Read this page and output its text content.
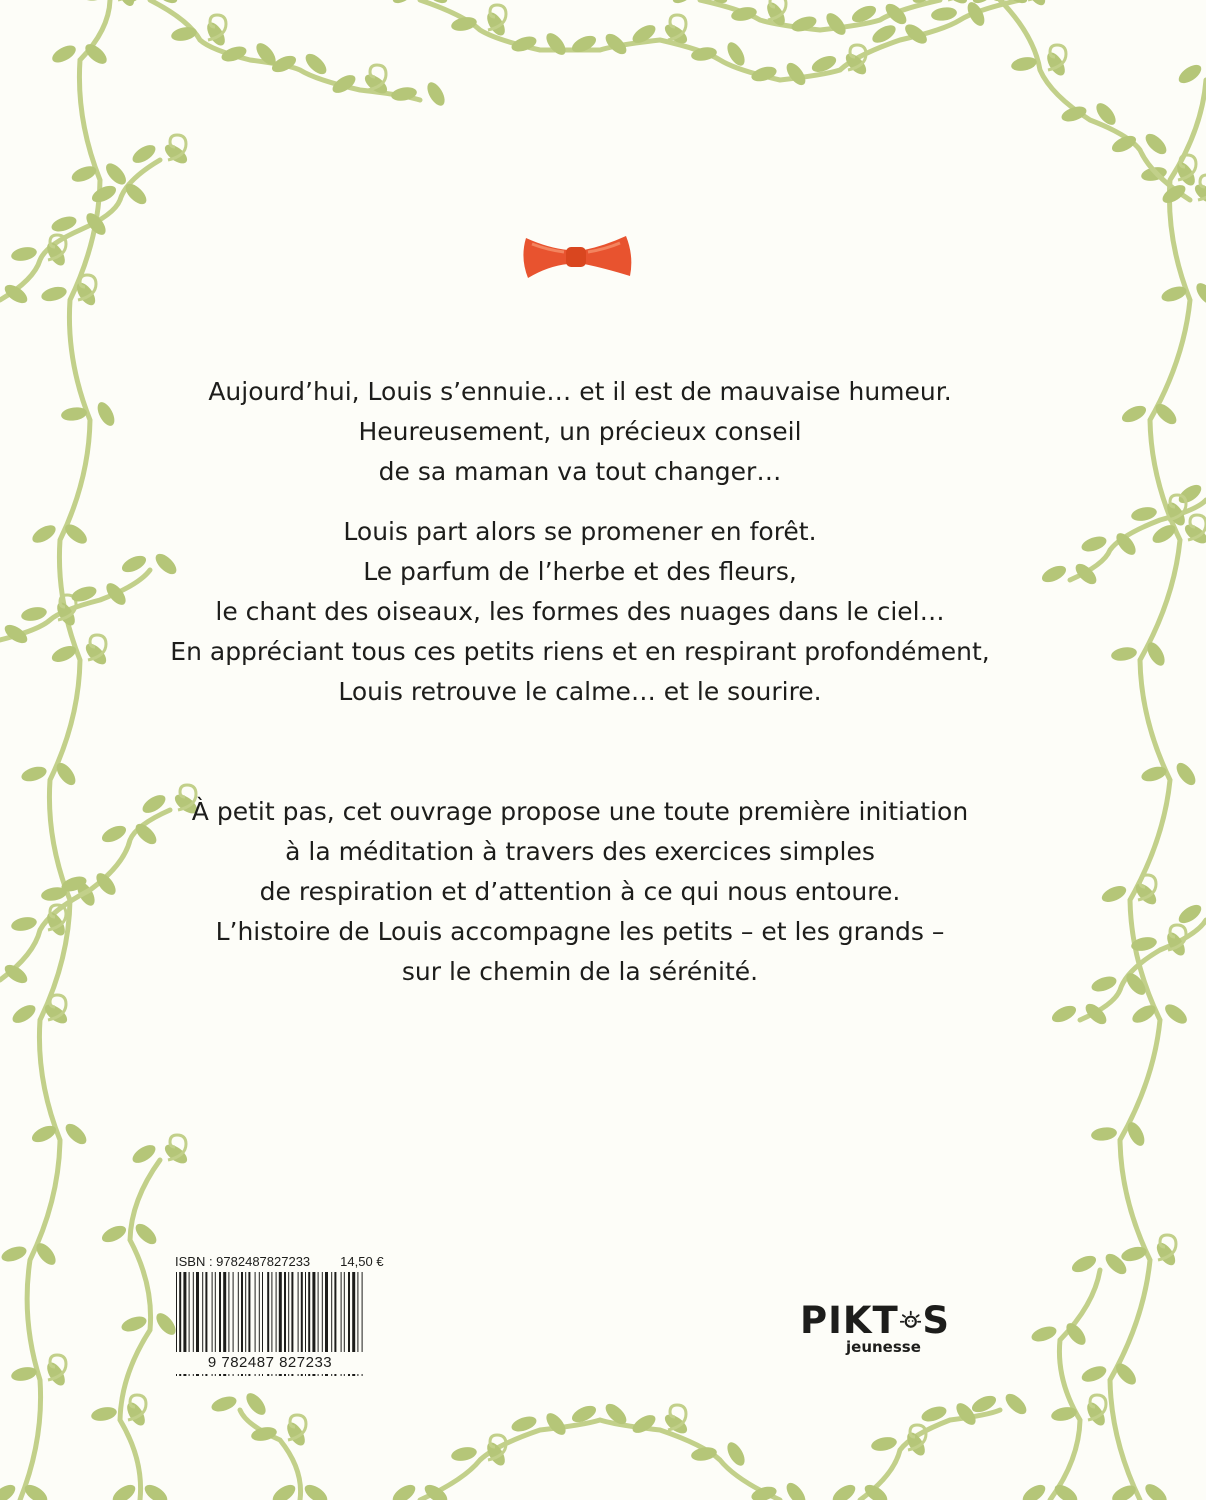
Aujourd’hui, Louis s’ennuie… et il est de mauvaise humeur.

Heureusement, un précieux conseil

de sa maman va tout changer…

Louis part alors se promener en forêt.

Le parfum de l’herbe et des fleurs,

le chant des oiseaux, les formes des nuages dans le ciel…

En appréciant tous ces petits riens et en respirant profondément,

Louis retrouve le calme… et le sourire.

À petit pas, cet ouvrage propose une toute première initiation

à la méditation à travers des exercices simples

de respiration et d’attention à ce qui nous entoure.

L’histoire de Louis accompagne les petits – et les grands –

sur le chemin de la sérénité.

ISBN : 9782487827233 14,50 €
9 782487 827233
PIKT S
jeunesse
